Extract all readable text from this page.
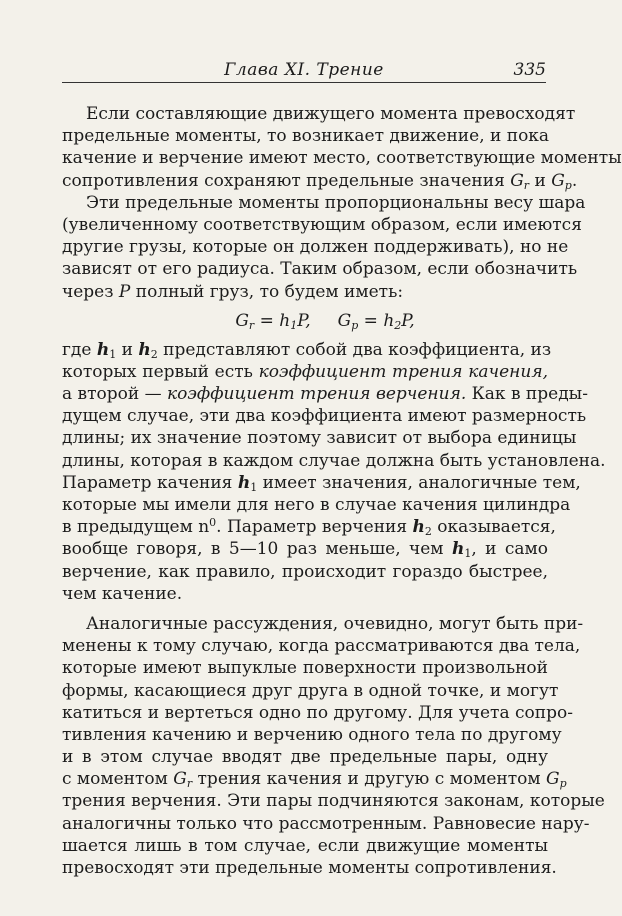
Глава XI. Трение	335
Если составляющие движущего момента превосходят
предельные моменты, то возникает движение, и пока
качение и верчение имеют место, соответствующие моменты
сопротивления сохраняют предельные значения $G_r$ и $G_p$.
Эти предельные моменты пропорциональны весу шара
(увеличенному соответствующим образом, если имеются
другие грузы, которые он должен поддерживать), но не
зависят от его радиуса. Таким образом, если обозначить
через P полный груз, то будем иметь:
$G_r = h_1P$,     $G_p = h_2P$,
где $h_1$ и $h_2$ представляют собой два коэффициента, из
которых первый есть коэффициент трения качения,
а второй — коэффициент трения верчения. Как в преды-
дущем случае, эти два коэффициента имеют размерность
длины; их значение поэтому зависит от выбора единицы
длины, которая в каждом случае должна быть установлена.
Параметр качения $h_1$ имеет значения, аналогичные тем,
которые мы имели для него в случае качения цилиндра
в предыдущем $n^0$. Параметр верчения $h_2$ оказывается,
вообще говоря, в 5—10 раз меньше, чем $h_1$, и само
верчение, как правило, происходит гораздо быстрее,
чем качение.
Аналогичные рассуждения, очевидно, могут быть при-
менены к тому случаю, когда рассматриваются два тела,
которые имеют выпуклые поверхности произвольной
формы, касающиеся друг друга в одной точке, и могут
катиться и вертеться одно по другому. Для учета сопро-
тивления качению и верчению одного тела по другому
и в этом случае вводят две предельные пары, одну
с моментом $G_r$ трения качения и другую с моментом $G_p$
трения верчения. Эти пары подчиняются законам, которые
аналогичны только что рассмотренным. Равновесие нару-
шается лишь в том случае, если движущие моменты
превосходят эти предельные моменты сопротивления.
